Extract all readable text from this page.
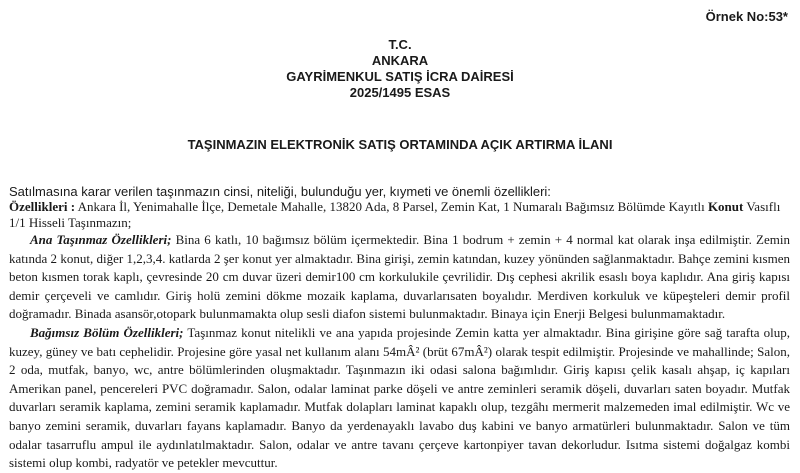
Örnek No:53*
T.C.
ANKARA
GAYRİMENKUL SATIŞ İCRA DAİRESİ
2025/1495 ESAS
TAŞINMAZIN ELEKTRONİK SATIŞ ORTAMINDA AÇIK ARTIRMA İLANI

Satılmasına karar verilen taşınmazın cinsi, niteliği, bulunduğu yer, kıymeti ve önemli özellikleri:

Özellikleri : Ankara İl, Yenimahalle İlçe, Demetale Mahalle, 13820 Ada, 8 Parsel, Zemin Kat, 1 Numaralı Bağımsız Bölümde Kayıtlı Konut Vasıflı 1/1 Hisseli Taşınmazın;

Ana Taşınmaz Özellikleri; Bina 6 katlı, 10 bağımsız bölüm içermektedir. Bina 1 bodrum + zemin + 4 normal kat olarak inşa edilmiştir. Zemin katında 2 konut, diğer 1,2,3,4. katlarda 2 şer konut yer almaktadır. Bina girişi, zemin katından, kuzey yönünden sağlanmaktadır. Bahçe zemini kısmen beton kısmen torak kaplı, çevresinde 20 cm duvar üzeri demir100 cm korkulukile çevrilidir. Dış cephesi akrilik esaslı boya kaplıdır. Ana giriş kapısı demir çerçeveli ve camlıdır. Giriş holü zemini dökme mozaik kaplama, duvarlarısaten boyalıdır. Merdiven korkuluk ve küpeşteleri demir profil doğramadır. Binada asansör,otopark bulunmamakta olup sesli diafon sistemi bulunmaktadır. Binaya için Enerji Belgesi bulunmamaktadır.

Bağımsız Bölüm Özellikleri; Taşınmaz konut nitelikli ve ana yapıda projesinde Zemin katta yer almaktadır. Bina girişine göre sağ tarafta olup, kuzey, güney ve batı cephelidir. Projesine göre yasal net kullanım alanı 54mÂ² (brüt 67mÂ²) olarak tespit edilmiştir. Projesinde ve mahallinde; Salon, 2 oda, mutfak, banyo, wc, antre bölümlerinden oluşmaktadır. Taşınmazın iki odasi salona bağımlıdır. Giriş kapısı çelik kasalı ahşap, iç kapıları Amerikan panel, pencereleri PVC doğramadır. Salon, odalar laminat parke döşeli ve antre zeminleri seramik döşeli, duvarları saten boyadır. Mutfak duvarları seramik kaplama, zemini seramik kaplamadır. Mutfak dolapları laminat kapaklı olup, tezgâhı mermerit malzemeden imal edilmiştir. Wc ve banyo zemini seramik, duvarları fayans kaplamadır. Banyo da yerdenayaklı lavabo duş kabini ve banyo armatürleri bulunmaktadır. Salon ve tüm odalar tasarruflu ampul ile aydınlatılmaktadır. Salon, odalar ve antre tavanı çerçeve kartonpiyer tavan dekorludur. Isıtma sistemi doğalgaz kombi sistemi olup kombi, radyatör ve petekler mevcuttur.
